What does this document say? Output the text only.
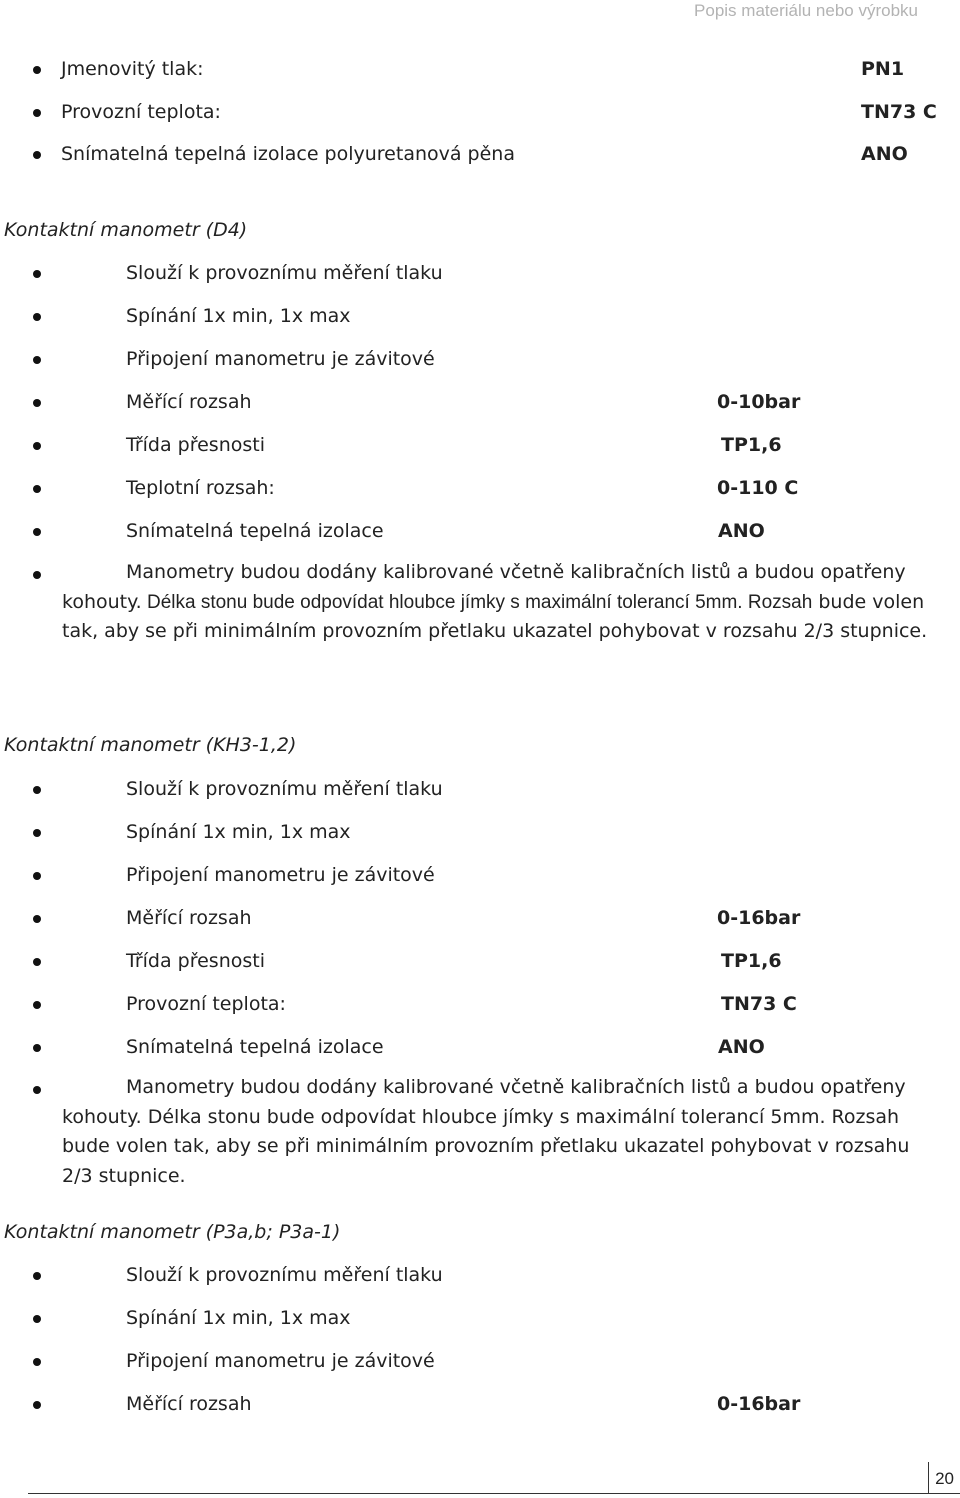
Popis materiálu nebo výrobku
Jmenovitý tlak:	PN1
Provozní teplota:	TN73 C
Snímatelná tepelná izolace polyuretanová pěna	ANO
Kontaktní manometr (D4)
Slouží k provoznímu měření tlaku
Spínání 1x min, 1x max
Připojení manometru je závitové
Měřící rozsah	0-10bar
Třída přesnosti	TP1,6
Teplotní rozsah:	0-110 C
Snímatelná tepelná izolace	ANO
Manometry budou dodány kalibrované včetně kalibračních listů a budou opatřeny kohouty. Délka stonu bude odpovídat hloubce jímky s maximální tolerancí 5mm. Rozsah bude volen tak, aby se při minimálním provozním přetlaku ukazatel pohybovat v rozsahu 2/3 stupnice.
Kontaktní manometr (KH3-1,2)
Slouží k provoznímu měření tlaku
Spínání 1x min, 1x max
Připojení manometru je závitové
Měřící rozsah	0-16bar
Třída přesnosti	TP1,6
Provozní teplota:	TN73 C
Snímatelná tepelná izolace	ANO
Manometry budou dodány kalibrované včetně kalibračních listů a budou opatřeny kohouty. Délka stonu bude odpovídat hloubce jímky s maximální tolerancí 5mm. Rozsah bude volen tak, aby se při minimálním provozním přetlaku ukazatel pohybovat v rozsahu 2/3 stupnice.
Kontaktní manometr (P3a,b; P3a-1)
Slouží k provoznímu měření tlaku
Spínání 1x min, 1x max
Připojení manometru je závitové
Měřící rozsah	0-16bar
20
